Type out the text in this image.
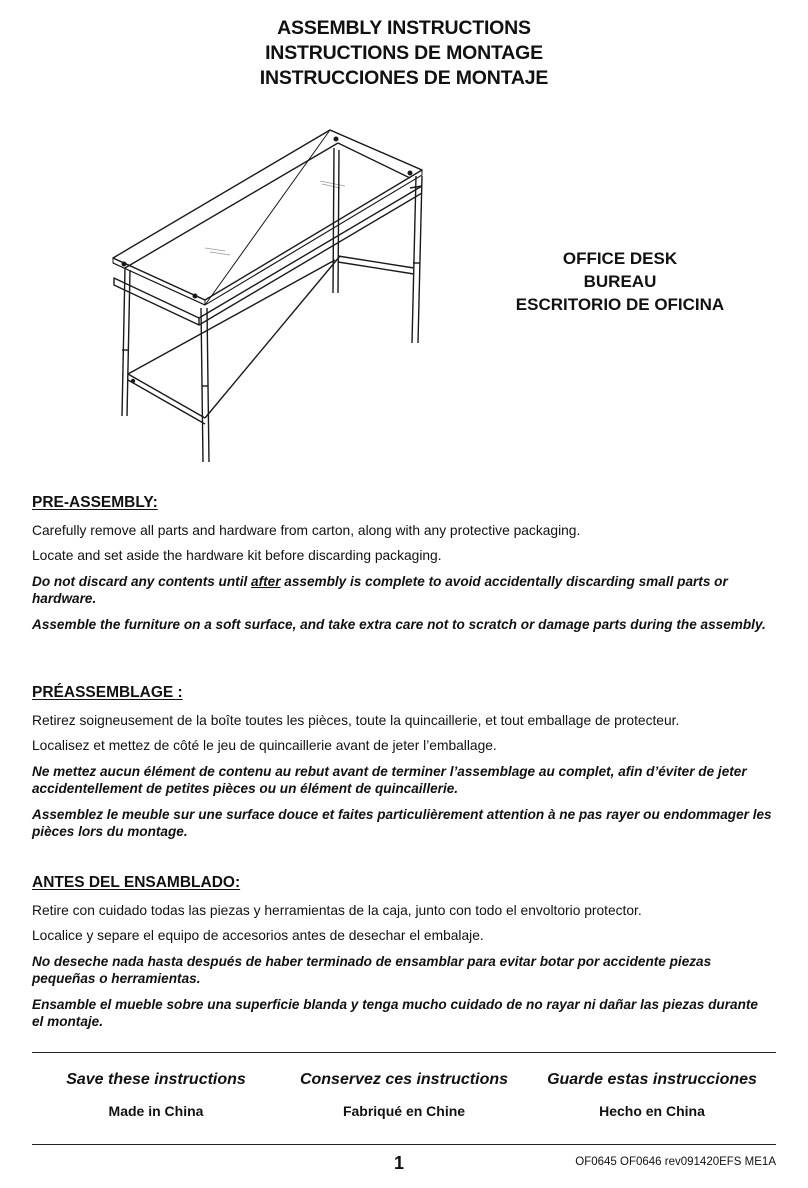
ASSEMBLY INSTRUCTIONS
INSTRUCTIONS DE MONTAGE
INSTRUCCIONES DE MONTAJE
OFFICE DESK
BUREAU
ESCRITORIO DE OFICINA
PRE-ASSEMBLY:

Carefully remove all parts and hardware from carton, along with any protective packaging.

Locate and set aside the hardware kit before discarding packaging.

Do not discard any contents until after assembly is complete to avoid accidentally discarding small parts or hardware.

Assemble the furniture on a soft surface, and take extra care not to scratch or damage parts during the assembly.

PRÉASSEMBLAGE :

Retirez soigneusement de la boîte toutes les pièces, toute la quincaillerie, et tout emballage de protecteur.

Localisez et mettez de côté le jeu de quincaillerie avant de jeter l’emballage.

Ne mettez aucun élément de contenu au rebut avant de terminer l’assemblage au complet, afin d’éviter de jeter accidentellement de petites pièces ou un élément de quincaillerie.

Assemblez le meuble sur une surface douce et faites particulièrement attention à ne pas rayer ou endommager les pièces lors du montage.

ANTES DEL ENSAMBLADO:

Retire con cuidado todas las piezas y herramientas de la caja, junto con todo el envoltorio protector.

Localice y separe el equipo de accesorios antes de desechar el embalaje.

No deseche nada hasta después de haber terminado de ensamblar para evitar botar por accidente piezas pequeñas o herramientas.

Ensamble el mueble sobre una superficie blanda y tenga mucho cuidado de no rayar ni dañar las piezas durante el montaje.

Save these instructions
Made in China
Conservez ces instructions
Fabriqué en Chine
Guarde estas instrucciones
Hecho en China
1	OF0645 OF0646 rev091420EFS ME1A
